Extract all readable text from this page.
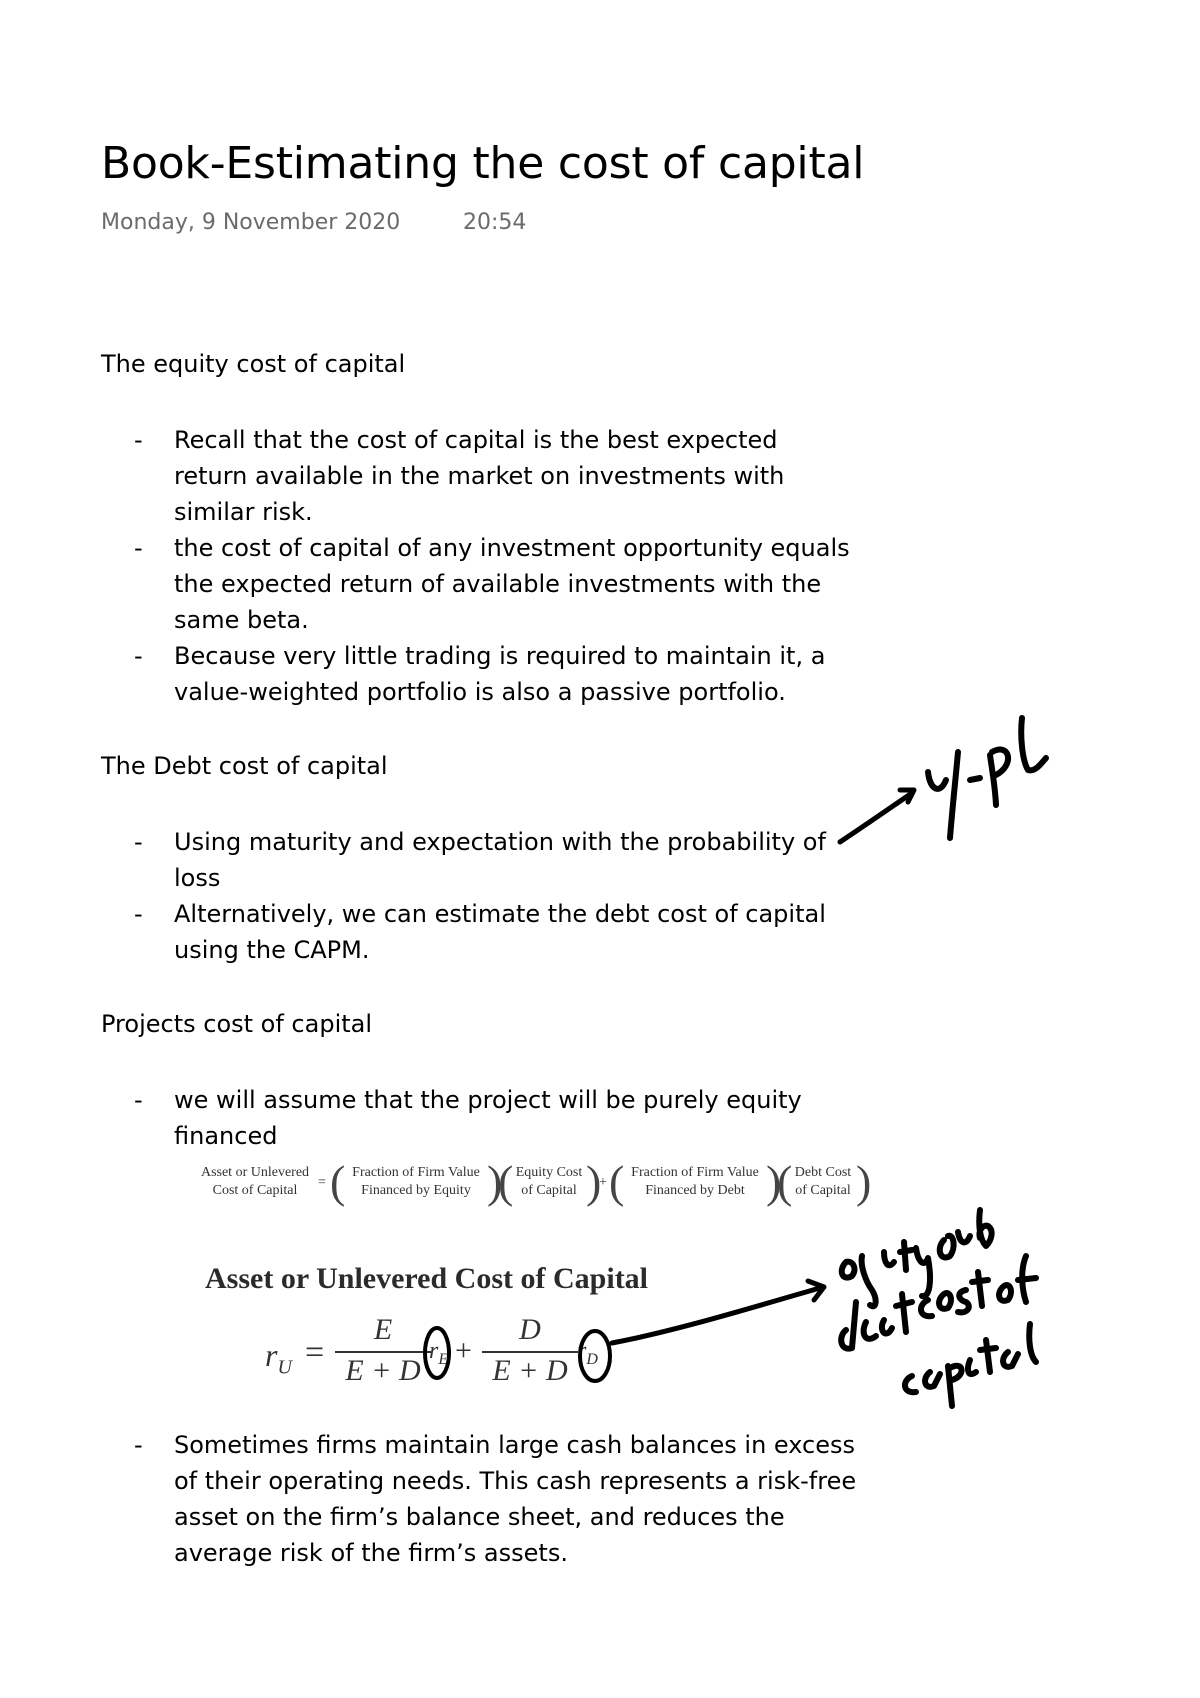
Book-Estimating the cost of capital
Monday, 9 November 2020	20:54
The equity cost of capital
- Recall that the cost of capital is the best expected return available in the market on investments with similar risk.
- the cost of capital of any investment opportunity equals the expected return of available investments with the same beta.
- Because very little trading is required to maintain it, a value-weighted portfolio is also a passive portfolio.
The Debt cost of capital
- Using maturity and expectation with the probability of loss
- Alternatively, we can estimate the debt cost of capital using the CAPM.
Projects cost of capital
- we will assume that the project will be purely equity financed
Asset or Unlevered
Cost of Capital
= ( Fraction of Firm Value
Financed by Equity )
( Equity Cost
of Capital )
+ ( Fraction of Firm Value
Financed by Debt )
( Debt Cost
of Capital )
Asset or Unlevered Cost of Capital
$r_U = \frac{E}{E + D}$
$r_E + \frac{D}{E + D} r_D$
- Sometimes firms maintain large cash balances in excess of their operating needs. This cash represents a risk-free asset on the firm’s balance sheet, and reduces the average risk of the firm’s assets.
